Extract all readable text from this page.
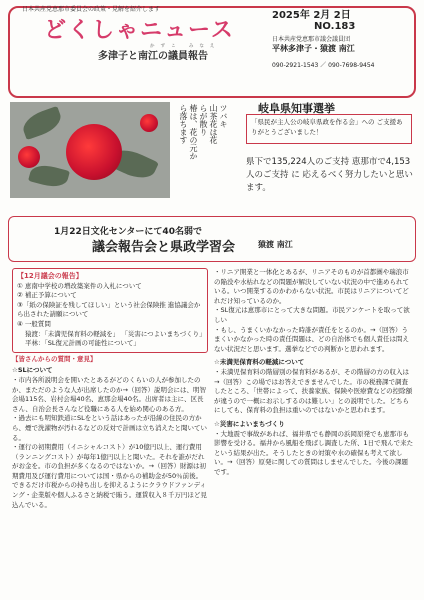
日本共産党恵那市委員会の政策・見解を紹介します
どくしゃニュース
かずこ みなえ
多津子と南江の議員報告
2025年 2月 2日
NO.183
日本共産党恵那市議会議員団
平林多津子・猿渡 南江
090-2921-1543 ／ 090-7698-9454
ツバキ
山茶花は花
らが散り
椿は、花の元か
ら落ちます	岐阜県知事選挙
「県民が主人公の岐阜県政を作る会」への ご支援ありがとうございました！
県下で135,224人のご支持 恵那市で4,153人のご支持 に 応えるべく努力したいと思います。
1月22日文化センターにて40名弱で
議会報告会と県政学習会	猿渡 南江
【12月議会の報告】
① 恵南中学校の増改築案件の入札について
② 補正予算について
③「紙の保険証を残してほしい」という社会保険推 進協議会から出された請願について
④ 一般質問
猿渡：「未満児保育料の軽減を」 「災害につよいまちづくり」
平林：「SL復元計画の可能性について」
【皆さんからの質問・意見】
☆SLについて
・市内各所説明会を開いたとあるがどのくらいの人が参加したのか、まただのような人が出席したのか→（回答）説明会には、明智会場115名、岩村会場40名、恵那会場40名。出席者は主に、区長さん、自治会長さんなど役職にある人を始め関心のある方。
・過去にも明知鉄道にSLをという話はあったが沿線の住民の方から、煙で洗濯物が汚れるなどの反対で計画は立ち消えたと聞いている。
・運行の初期費用（イニシャルコスト）が10億円以上、運行費用（ランニングコスト）が毎年1億円以上と聞いた。それを誰がだれがお金を。市の負担が多くなるのではないか。→（回答）財源は初期費用及び運行費用については国・県からの補助金が50％前後。できるだけ市税からの持ち出しを抑えるようにクラウドファンディング・企業版や個人ふるさと納税で賄う。運賃収入８千万円ほど見込んでいる。
・リニア開業と一体化とあるが、リニアそのものが首都圏や瑞浪市の陥没や水枯れなどの問題が解決していない状況の中で進められている。いつ開業するのかわからない状況。市民はリニアについてどれだけ知っているのか。
・SL復元は恵那市にとって大きな問題。市民アンケートを取って欲しい
・もし、うまくいかなかった時誰が責任をとるのか。→（回答）うまくいかなかった時の責任問題は、どの自治体でも個人責任は問えない状況だと思います。選挙などでの判断かと思われます。
☆未満児保育料の軽減について
・未満児保育料の階層別の保育料があるが、その階層の方の収入は→（回答）この場ではお答えできませんでした。市の税務課で調査したところ、「世帯によって、扶養家族、保険や医療費などの控除額が違うので一概にお示しするのは難しい」との説明でした。どちらにしても、保育料の負担は重いのではないかと思われます。
☆災害によいまちづくり
・大地震で事故があれば、福井県でも静岡の浜岡原発でも恵那市も影響を受ける。福井から風船を飛ばし調査した所、1日で飛んで来たという結果が出た。そうしたときの対策や水の確保も考えて欲しい。→（回答）原発に関しての質問はしませんでした。今後の課題です。
